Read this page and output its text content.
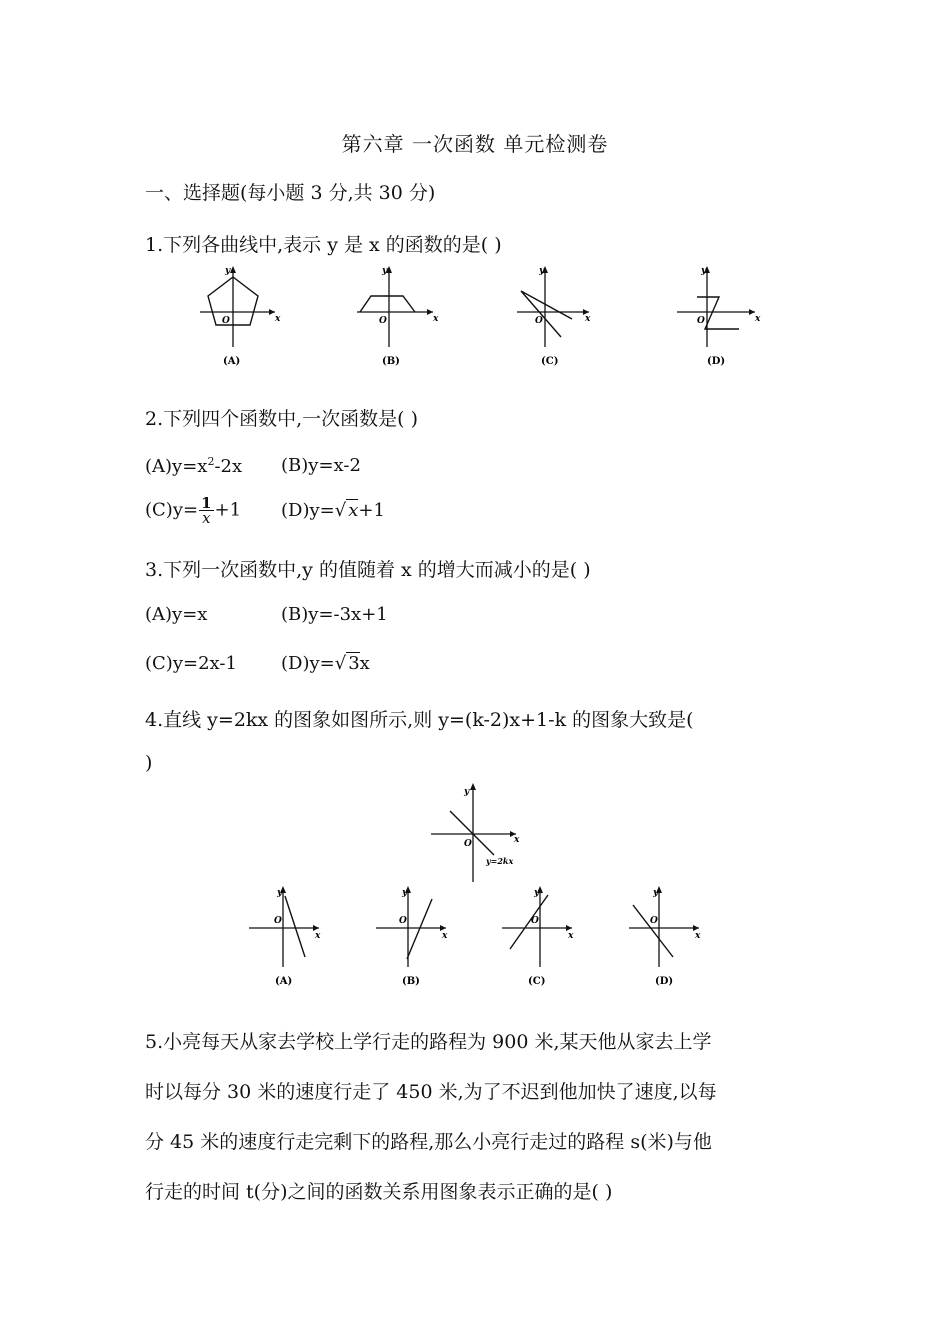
第六章 一次函数 单元检测卷
一、选择题(每小题 3 分,共 30 分)
1.下列各曲线中,表示 y 是 x 的函数的是( )
y
x
O
(A)
y
x
O
(B)
y
x
O
(C)
y
x
O
(D)
2.下列四个函数中,一次函数是( )
$(A)y=x^2-2x$ (B)y=x-2
$(C)y= \frac{1}{x} +1$ (D)y=√ x+1
3.下列一次函数中,y 的值随着 x 的增大而减小的是( )
(A)y=x	(B)y=-3x+1
(C)y=2x-1 (D)y=√ 3x
4.直线 y=2kx 的图象如图所示,则 y=(k-2)x+1-k 的图象大致是(
)
y
x
O
y=2kx
y
x
O
(A)
y
x
O
(B)
y
x
O
(C)
y
x
O
(D)
5.小亮每天从家去学校上学行走的路程为 900 米,某天他从家去上学
时以每分 30 米的速度行走了 450 米,为了不迟到他加快了速度,以每
分 45 米的速度行走完剩下的路程,那么小亮行走过的路程 s(米)与他
行走的时间 t(分)之间的函数关系用图象表示正确的是( )
